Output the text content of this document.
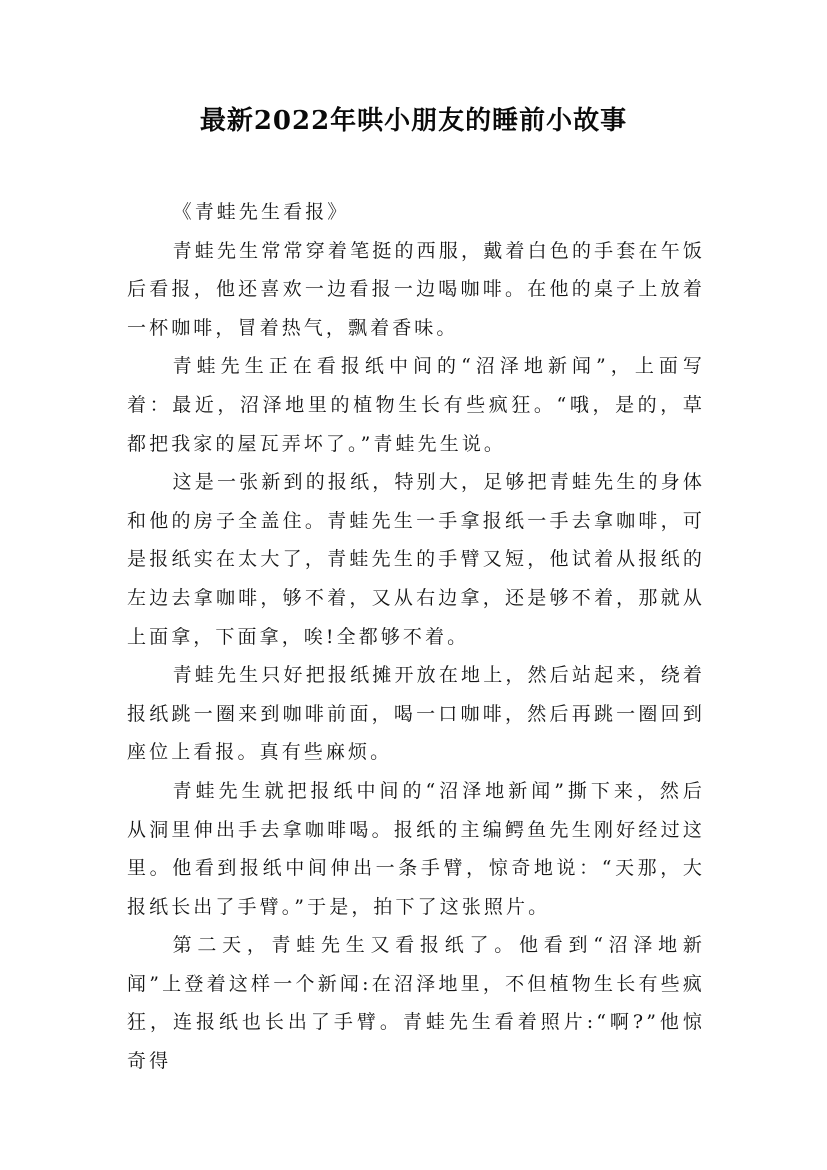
最新2022年哄小朋友的睡前小故事

《青蛙先生看报》

青蛙先生常常穿着笔挺的西服，戴着白色的手套在午饭后看报，他还喜欢一边看报一边喝咖啡。在他的桌子上放着一杯咖啡，冒着热气，飘着香味。

青蛙先生正在看报纸中间的“沼泽地新闻”，上面写着：最近，沼泽地里的植物生长有些疯狂。“哦，是的，草都把我家的屋瓦弄坏了。”青蛙先生说。

这是一张新到的报纸，特别大，足够把青蛙先生的身体和他的房子全盖住。青蛙先生一手拿报纸一手去拿咖啡，可是报纸实在太大了，青蛙先生的手臂又短，他试着从报纸的左边去拿咖啡，够不着，又从右边拿，还是够不着，那就从上面拿，下面拿，唉!全都够不着。

青蛙先生只好把报纸摊开放在地上，然后站起来，绕着报纸跳一圈来到咖啡前面，喝一口咖啡，然后再跳一圈回到座位上看报。真有些麻烦。

青蛙先生就把报纸中间的“沼泽地新闻”撕下来，然后从洞里伸出手去拿咖啡喝。报纸的主编鳄鱼先生刚好经过这里。他看到报纸中间伸出一条手臂，惊奇地说：“天那，大报纸长出了手臂。”于是，拍下了这张照片。

第二天，青蛙先生又看报纸了。他看到“沼泽地新闻”上登着这样一个新闻:在沼泽地里，不但植物生长有些疯狂，连报纸也长出了手臂。青蛙先生看着照片:“啊?”他惊奇得
